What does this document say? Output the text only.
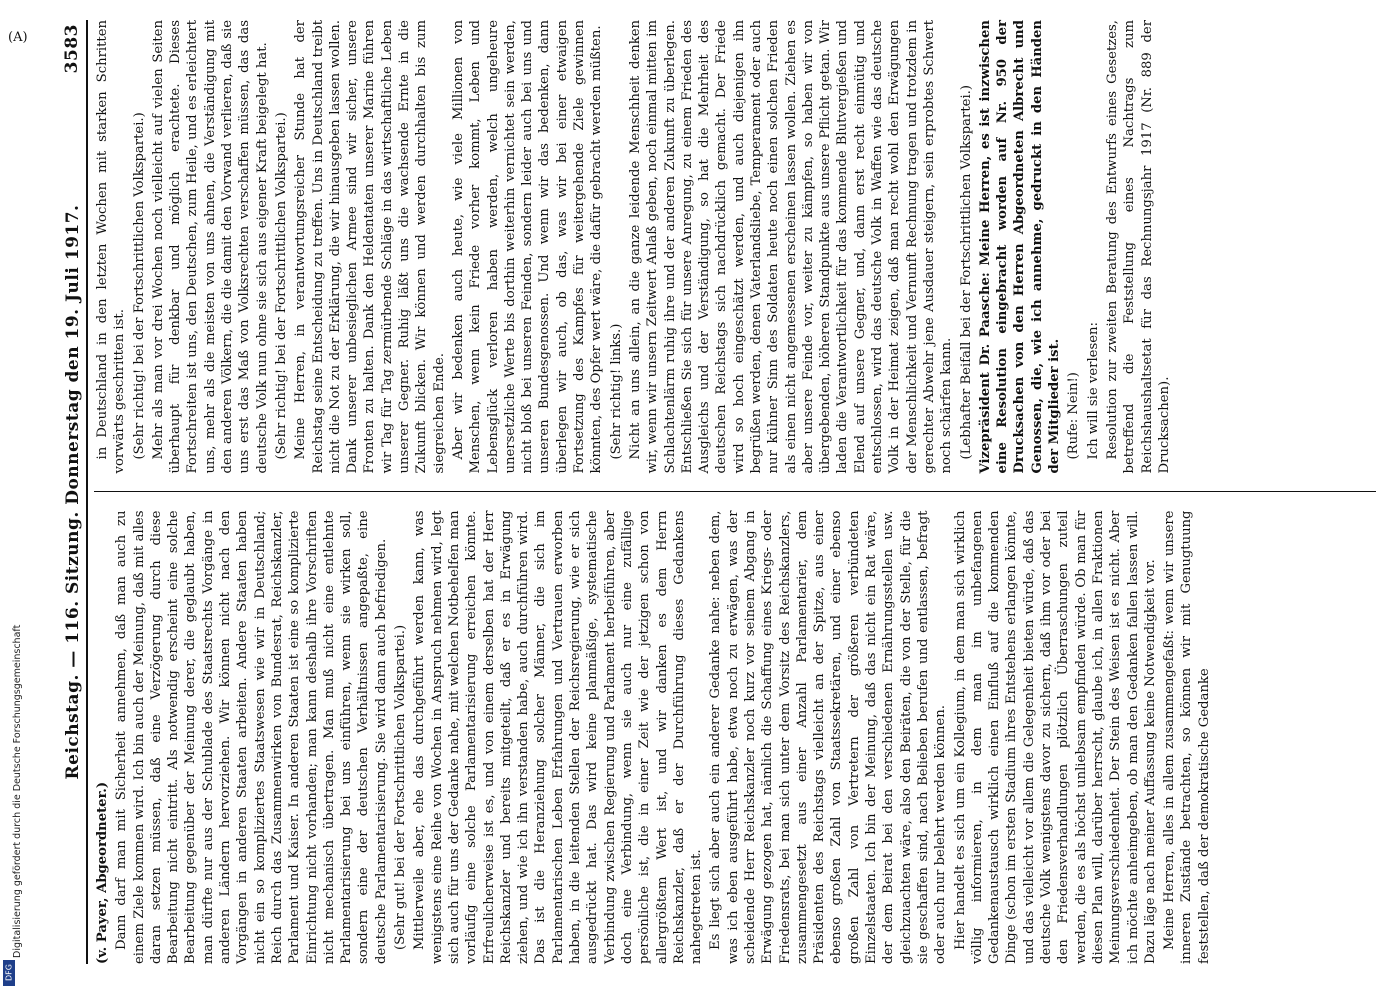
Reichstag. — 116. Sitzung. Donnerstag den 19. Juli 1917.
3583

(v. Payer, Abgeordneter.) Dann darf man mit Sicherheit annehmen, daß man auch zu einem Ziele kommen wird. Ich bin auch der Meinung, daß mit alles daran setzen müssen, daß eine Verzögerung durch diese Bearbeitung nicht eintritt. Als notwendig erscheint eine solche Bearbeitung gegenüber der Meinung derer, die geglaubt haben, man dürfte nur aus der Schublade des Staatsrechts Vorgänge in anderen Ländern hervorziehen. Wir können nicht nach den Vorgängen in anderen Staaten arbeiten. Andere Staaten haben nicht ein so kompliziertes Staatswesen wie wir in Deutschland; Reich durch das Zusammenwirken von Bundesrat, Reichskanzler, Parlament und Kaiser. In anderen Staaten ist eine so komplizierte Einrichtung nicht vorhanden; man kann deshalb ihre Vorschriften nicht mechanisch übertragen. Man muß nicht eine entlehnte Parlamentarisierung bei uns einführen, wenn sie wirken soll, sondern eine der deutschen Verhältnissen angepaßte, eine deutsche Parlamentarisierung. Sie wird dann auch befriedigen. (Sehr gut! bei der Fortschrittlichen Volkspartei.) Mittlerweile aber, ehe das durchgeführt werden kann, was wenigstens eine Reihe von Wochen in Anspruch nehmen wird, legt sich auch für uns der Gedanke nahe, mit welchen Notbehelfen man vorläufig eine solche Parlamentarisierung erreichen könnte. Erfreulicherweise ist es, und von einem derselben hat der Herr Reichskanzler und bereits mitgeteilt, daß er es in Erwägung ziehen, und wie ich ihn verstanden habe, auch durchführen wird. Das ist die Heranziehung solcher Männer, die sich im Parlamentarischen Leben Erfahrungen und Vertrauen erworben haben, in die leitenden Stellen der Reichsregierung, wie er sich ausgedrückt hat. Das wird keine planmäßige, systematische Verbindung zwischen Regierung und Parlament herbeiführen, aber doch eine Verbindung, wenn sie auch nur eine zufällige persönliche ist, die in einer Zeit wie der jetzigen schon von allergrößtem Wert ist, und wir danken es dem Herrn Reichskanzler, daß er der Durchführung dieses Gedankens nahegetreten ist. Es liegt sich aber auch ein anderer Gedanke nahe: neben dem, was ich eben ausgeführt habe, etwa noch zu erwägen, was der scheidende Herr Reichskanzler noch kurz vor seinem Abgang in Erwägung gezogen hat, nämlich die Schaffung eines Kriegs- oder Friedensrats, bei man sich unter dem Vorsitz des Reichskanzlers, zusammengesetzt aus einer Anzahl Parlamentarier, dem Präsidenten des Reichstags vielleicht an der Spitze, aus einer ebenso großen Zahl von Staatssekretären, und einer ebenso großen Zahl von Vertretern der größeren verbündeten Einzelstaaten. Ich bin der Meinung, daß das nicht ein Rat wäre, der dem Beirat bei den verschiedenen Ernährungsstellen usw. gleichzuachten wäre, also den Beiräten, die von der Stelle, für die sie geschaffen sind, nach Belieben berufen und entlassen, befragt oder auch nur belehrt werden können. Hier handelt es sich um ein Kollegium, in dem man sich wirklich völlig informieren, in dem man im unbefangenen Gedankenaustausch wirklich einen Einfluß auf die kommenden Dinge (schon im ersten Stadium ihres Entstehens erlangen könnte, und das vielleicht vor allem die Gelegenheit bieten würde, daß das deutsche Volk wenigstens davor zu sichern, daß ihm vor oder bei den Friedensverhandlungen plötzlich Überraschungen zuteil werden, die es als höchst unliebsam empfinden würde. Ob man für diesen Plan will, darüber herrscht, glaube ich, in allen Fraktionen Meinungsverschiedenheit. Der Stein des Weisen ist es nicht. Aber ich möchte anheimgeben, ob man den Gedanken fallen lassen will. Dazu läge nach meiner Auffassung keine Notwendigkeit vor. Meine Herren, alles in allem zusammengefaßt: wenn wir unsere inneren Zustände betrachten, so können wir mit Genugtuung feststellen, daß der demokratische Gedanke

in Deutschland in den letzten Wochen mit starken Schritten vorwärts geschritten ist. (Sehr richtig! bei der Fortschrittlichen Volkspartei.) Mehr als man vor drei Wochen noch vielleicht auf vielen Seiten überhaupt für denkbar und möglich erachtete. Dieses Fortschreiten ist uns, den Deutschen, zum Heile, und es erleichtert uns, mehr als die meisten von uns ahnen, die Verständigung mit den anderen Völkern, die die damit den Vorwand verlieren, daß sie uns erst das Maß von Volksrechten verschaffen müssen, das das deutsche Volk nun ohne sie sich aus eigener Kraft beigelegt hat. (Sehr richtig! bei der Fortschrittlichen Volkspartei.) Meine Herren, in verantwortungsreicher Stunde hat der Reichstag seine Entscheidung zu treffen. Uns in Deutschland treibt nicht die Not zu der Erklärung, die wir hinausgeben lassen wollen. Dank unserer unbesieglichen Armee sind wir sicher, unsere Fronten zu halten. Dank den Heldentaten unserer Marine führen wir Tag für Tag zermürbende Schläge in das wirtschaftliche Leben unserer Gegner. Ruhig läßt uns die wachsende Ernte in die Zukunft blicken. Wir können und werden durchhalten bis zum siegreichen Ende. Aber wir bedenken auch heute, wie viele Millionen von Menschen, wenn kein Friede vorher kommt, Leben und Lebensglück verloren haben werden, welch ungeheure unersetzliche Werte bis dorthin weiterhin vernichtet sein werden, nicht bloß bei unseren Feinden, sondern leider auch bei uns und unseren Bundesgenossen. Und wenn wir das bedenken, dann überlegen wir auch, ob das, was wir bei einer etwaigen Fortsetzung des Kampfes für weitergehende Ziele gewinnen könnten, des Opfer wert wäre, die dafür gebracht werden müßten. (Sehr richtig! links.) Nicht an uns allein, an die ganze leidende Menschheit denken wir, wenn wir unsern Zeitwert Anlaß geben, noch einmal mitten im Schlachtenlärm ruhig ihre und der anderen Zukunft zu überlegen. Entschließen Sie sich für unsere Anregung, zu einem Frieden des Ausgleichs und der Verständigung, so hat die Mehrheit des deutschen Reichstags sich nachdrücklich gemacht. Der Friede wird so hoch eingeschätzt werden, und auch diejenigen ihn begrüßen werden, denen Vaterlandsliebe, Temperament oder auch nur kühner Sinn des Soldaten heute noch einen solchen Frieden als einen nicht angemessenen erscheinen lassen wollen. Ziehen es aber unsere Feinde vor, weiter zu kämpfen, so haben wir von übergebenden, höheren Standpunkte aus unsere Pflicht getan. Wir laden die Verantwortlichkeit für das kommende Blutvergießen und Elend auf unsere Gegner, und, dann erst recht einmütig und entschlossen, wird das deutsche Volk in Waffen wie das deutsche Volk in der Heimat zeigen, daß man recht wohl den Erwägungen der Menschlichkeit und Vernunft Rechnung tragen und trotzdem in gerechter Abwehr jene Ausdauer steigern, sein erprobtes Schwert noch schärfen kann. (Lebhafter Beifall bei der Fortschrittlichen Volkspartei.) Vizepräsident Dr. Paasche: Meine Herren, es ist inzwischen eine Resolution eingebracht worden auf Nr. 950 der Drucksachen von den Herren Abgeordneten Albrecht und Genossen, die, wie ich annehme, gedruckt in den Händen der Mitglieder ist. (Rufe: Nein!) Ich will sie verlesen: Resolution zur zweiten Beratung des Entwurfs eines Gesetzes, betreffend die Feststellung eines Nachtrags zum Reichshaushaltsetat für das Rechnungsjahr 1917 (Nr. 889 der Drucksachen).

(A)
DFG
Digitalisierung gefördert durch die Deutsche Forschungsgemeinschaft
